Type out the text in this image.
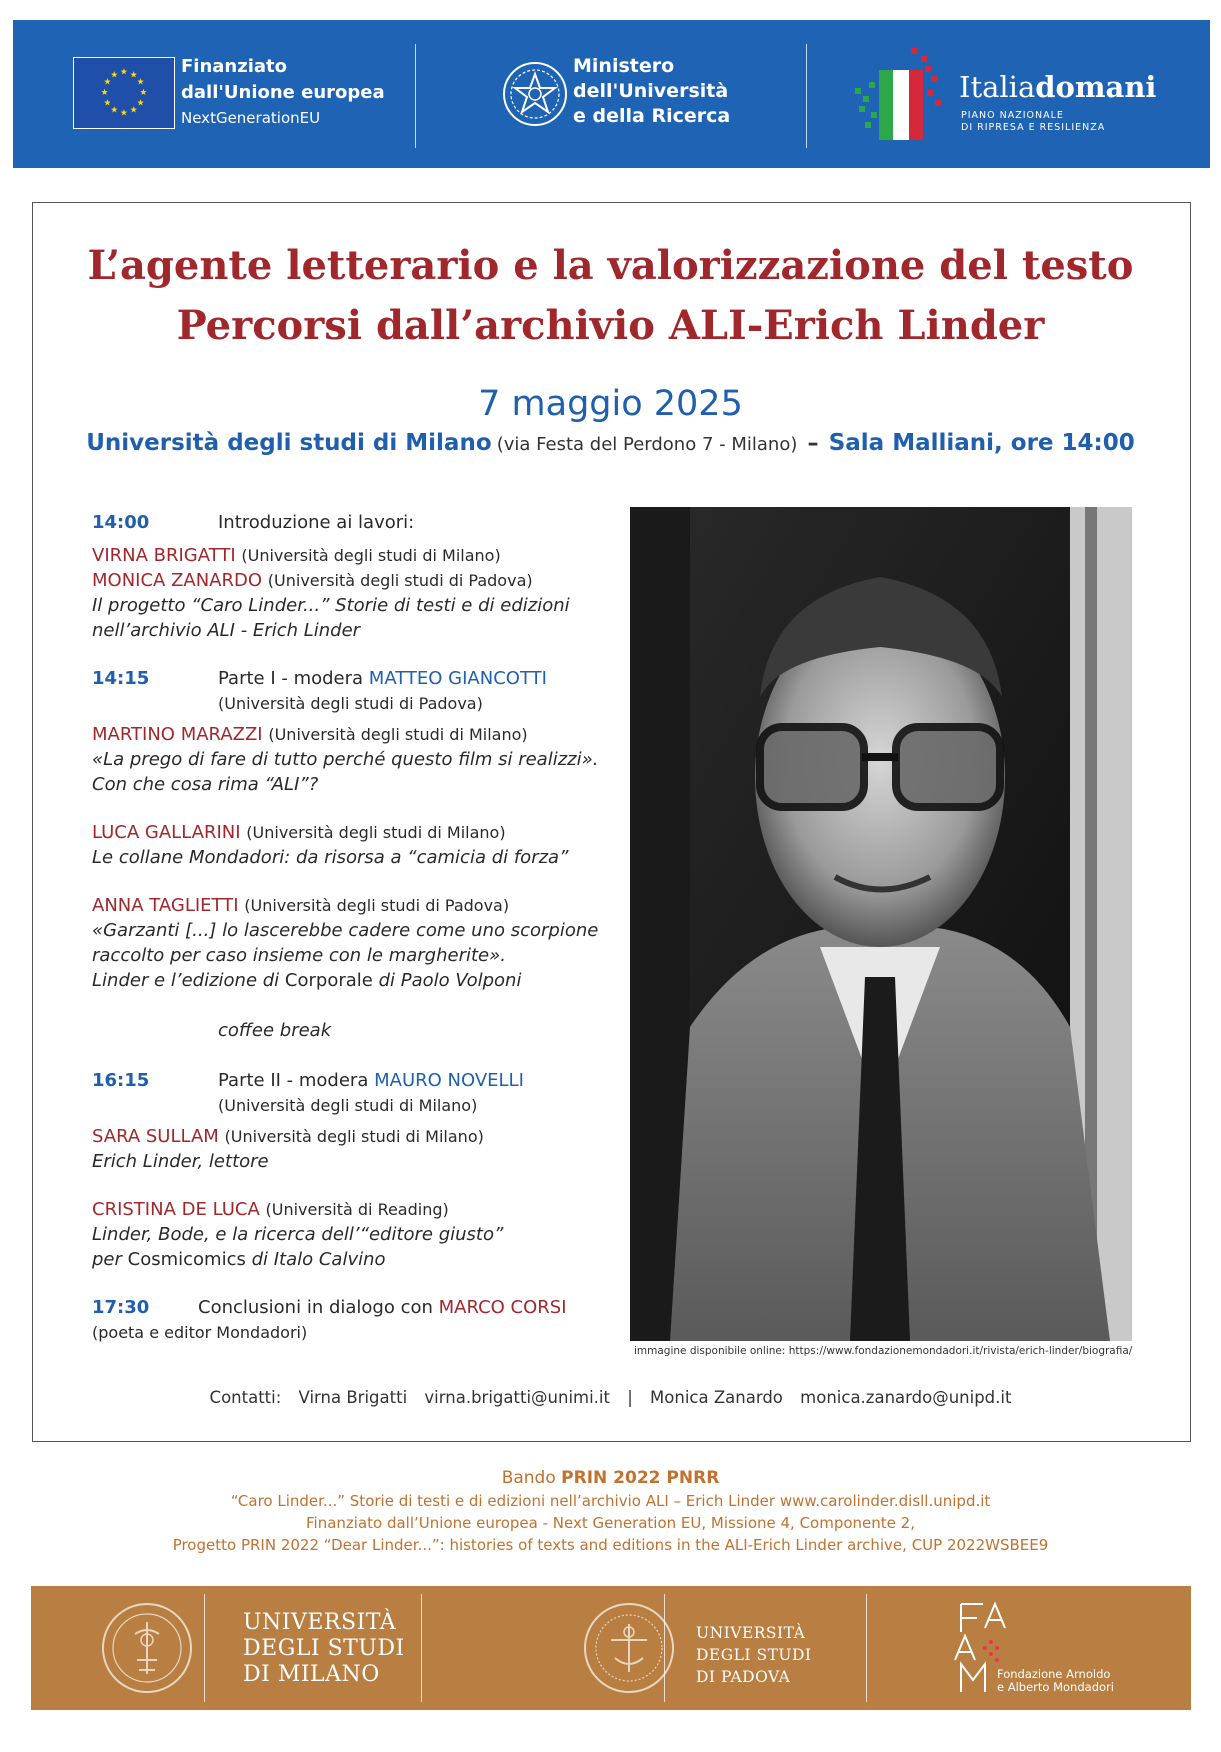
★ ★
★
★
★
★
★
★
★
★
★
★	Finanziato
dall'Unione europea
NextGenerationEU
Ministero
dell'Università
e della Ricerca
Italiadomani
PIANO NAZIONALE
DI RIPRESA E RESILIENZA
L’agente letterario e la valorizzazione del testo
Percorsi dall’archivio ALI-Erich Linder
7 maggio 2025
Università degli studi di Milano (via Festa del Perdono 7 - Milano) – Sala Malliani, ore 14:00
14:00	Introduzione ai lavori:
VIRNA BRIGATTI (Università degli studi di Milano)
MONICA ZANARDO (Università degli studi di Padova)
Il progetto “Caro Linder...” Storie di testi e di edizioni
nell’archivio ALI - Erich Linder
14:15	Parte I - modera MATTEO GIANCOTTI
(Università degli studi di Padova)
MARTINO MARAZZI (Università degli studi di Milano)
«La prego di fare di tutto perché questo film si realizzi».
Con che cosa rima “ALI”?
LUCA GALLARINI (Università degli studi di Milano)
Le collane Mondadori: da risorsa a “camicia di forza”
ANNA TAGLIETTI (Università degli studi di Padova)
«Garzanti [...] lo lascerebbe cadere come uno scorpione
raccolto per caso insieme con le margherite».
Linder e l’edizione di Corporale di Paolo Volponi
coffee break
16:15	Parte II - modera MAURO NOVELLI
(Università degli studi di Milano)
SARA SULLAM (Università degli studi di Milano)
Erich Linder, lettore
CRISTINA DE LUCA (Università di Reading)
Linder, Bode, e la ricerca dell’“editore giusto”
per Cosmicomics di Italo Calvino
17:30	Conclusioni in dialogo con MARCO CORSI
(poeta e editor Mondadori)
immagine disponibile online: https://www.fondazionemondadori.it/rivista/erich-linder/biografia/
Contatti: Virna Brigatti virna.brigatti@unimi.it | Monica Zanardo monica.zanardo@unipd.it
Bando PRIN 2022 PNRR
“Caro Linder...” Storie di testi e di edizioni nell’archivio ALI – Erich Linder www.carolinder.disll.unipd.it
Finanziato dall’Unione europea - Next Generation EU, Missione 4, Componente 2,
Progetto PRIN 2022 “Dear Linder...”: histories of texts and editions in the ALI-Erich Linder archive, CUP 2022WSBEE9
UNIVERSITÀ
DEGLI STUDI
DI MILANO
UNIVERSITÀ
DEGLI STUDI
DI PADOVA	Fondazione Arnoldo
e Alberto Mondadori
